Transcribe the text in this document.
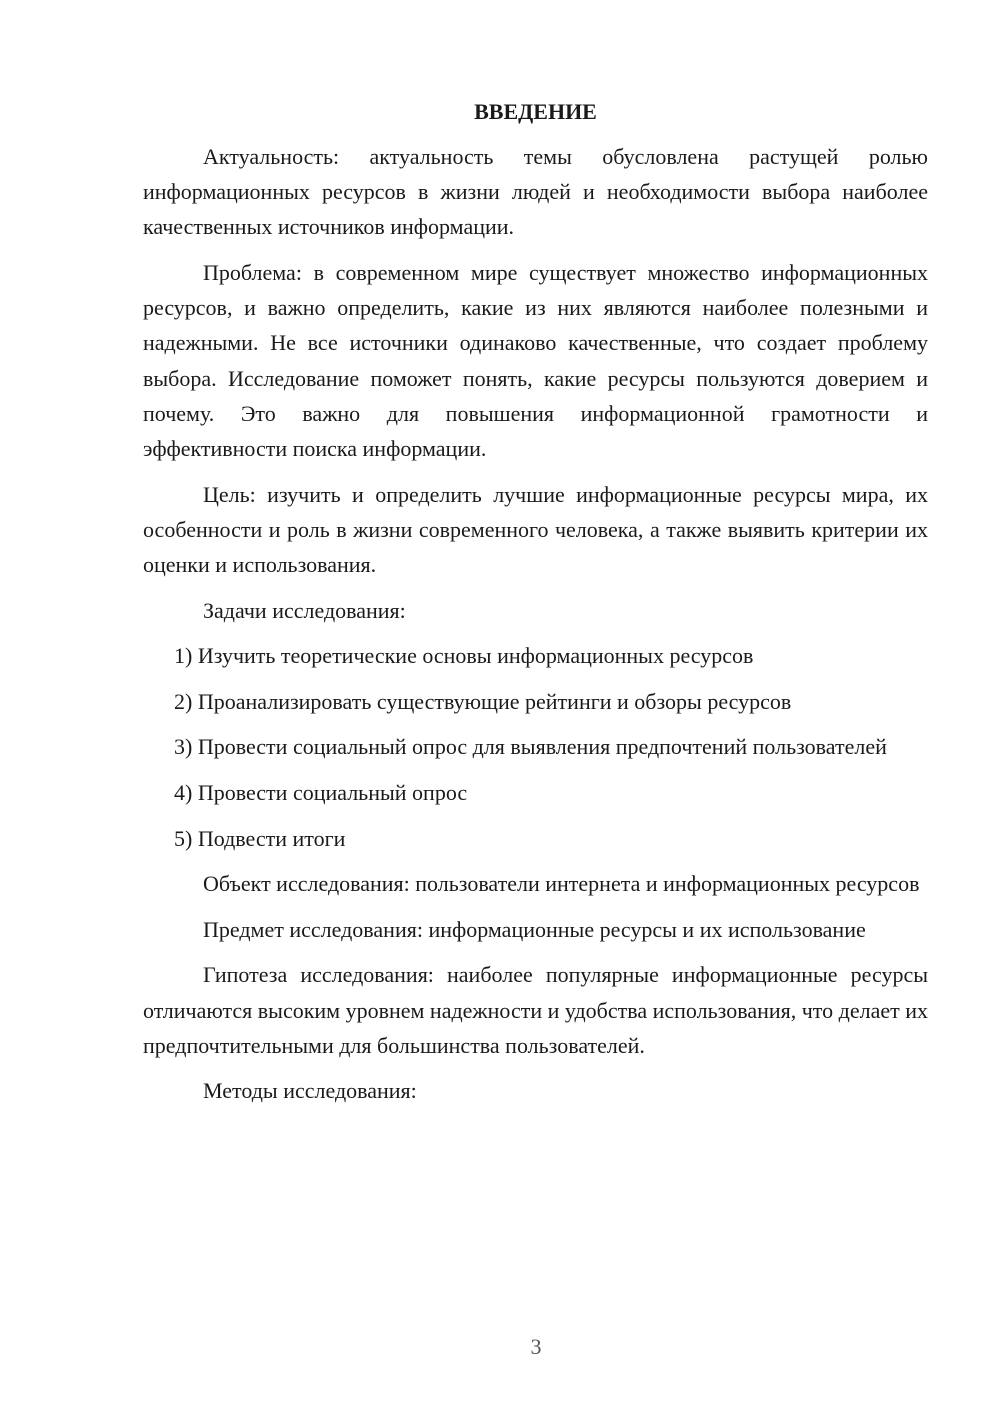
ВВЕДЕНИЕ

Актуальность: актуальность темы обусловлена растущей ролью информационных ресурсов в жизни людей и необходимости выбора наиболее качественных источников информации.

Проблема: в современном мире существует множество информационных ресурсов, и важно определить, какие из них являются наиболее полезными и надежными. Не все источники одинаково качественные, что создает проблему выбора. Исследование поможет понять, какие ресурсы пользуются доверием и почему. Это важно для повышения информационной грамотности и эффективности поиска информации.

Цель: изучить и определить лучшие информационные ресурсы мира, их особенности и роль в жизни современного человека, а также выявить критерии их оценки и использования.

Задачи исследования:

1) Изучить теоретические основы информационных ресурсов

2) Проанализировать существующие рейтинги и обзоры ресурсов

3) Провести социальный опрос для выявления предпочтений пользователей

4) Провести социальный опрос

5) Подвести итоги

Объект исследования: пользователи интернета и информационных ресурсов

Предмет исследования: информационные ресурсы и их использование

Гипотеза исследования: наиболее популярные информационные ресурсы отличаются высоким уровнем надежности и удобства использования, что делает их предпочтительными для большинства пользователей.

Методы исследования:

3
